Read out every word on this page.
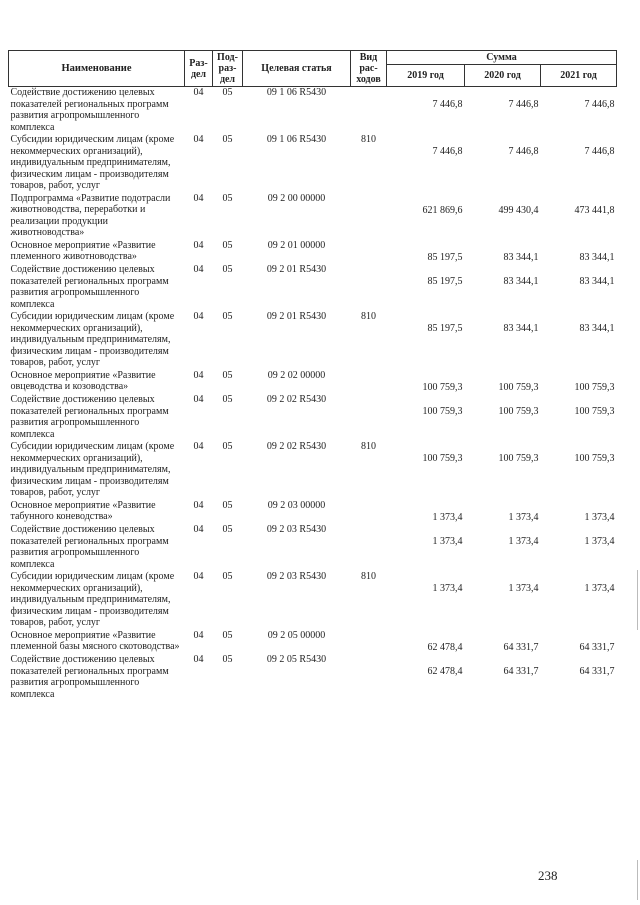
Наименование	Раз-дел	Под-раз-дел	Целевая статья	Вид рас-ходов	Сумма		
					2019 год	2020 год	2021 год
Содействие достижению целевых показателей региональных программ развития агропромышленного комплекса	04	05	09 1 06 R5430		7 446,8	7 446,8	7 446,8
Субсидии юридическим лицам (кроме некоммерческих организаций), индивидуальным предпринимателям, физическим лицам - производителям товаров, работ, услуг	04	05	09 1 06 R5430	810	7 446,8	7 446,8	7 446,8
Подпрограмма «Развитие подотрасли животноводства, переработки и реализации продукции животноводства»	04	05	09 2 00 00000		621 869,6	499 430,4	473 441,8
Основное мероприятие «Развитие племенного животноводства»	04	05	09 2 01 00000		85 197,5	83 344,1	83 344,1
Содействие достижению целевых показателей региональных программ развития агропромышленного комплекса	04	05	09 2 01 R5430		85 197,5	83 344,1	83 344,1
Субсидии юридическим лицам (кроме некоммерческих организаций), индивидуальным предпринимателям, физическим лицам - производителям товаров, работ, услуг	04	05	09 2 01 R5430	810	85 197,5	83 344,1	83 344,1
Основное мероприятие «Развитие овцеводства и козоводства»	04	05	09 2 02 00000		100 759,3	100 759,3	100 759,3
Содействие достижению целевых показателей региональных программ развития агропромышленного комплекса	04	05	09 2 02 R5430		100 759,3	100 759,3	100 759,3
Субсидии юридическим лицам (кроме некоммерческих организаций), индивидуальным предпринимателям, физическим лицам - производителям товаров, работ, услуг	04	05	09 2 02 R5430	810	100 759,3	100 759,3	100 759,3
Основное мероприятие «Развитие табунного коневодства»	04	05	09 2 03 00000		1 373,4	1 373,4	1 373,4
Содействие достижению целевых показателей региональных программ развития агропромышленного комплекса	04	05	09 2 03 R5430		1 373,4	1 373,4	1 373,4
Субсидии юридическим лицам (кроме некоммерческих организаций), индивидуальным предпринимателям, физическим лицам - производителям товаров, работ, услуг	04	05	09 2 03 R5430	810	1 373,4	1 373,4	1 373,4
Основное мероприятие «Развитие племенной базы мясного скотоводства»	04	05	09 2 05 00000		62 478,4	64 331,7	64 331,7
Содействие достижению целевых показателей региональных программ развития агропромышленного комплекса	04	05	09 2 05 R5430		62 478,4	64 331,7	64 331,7
238
